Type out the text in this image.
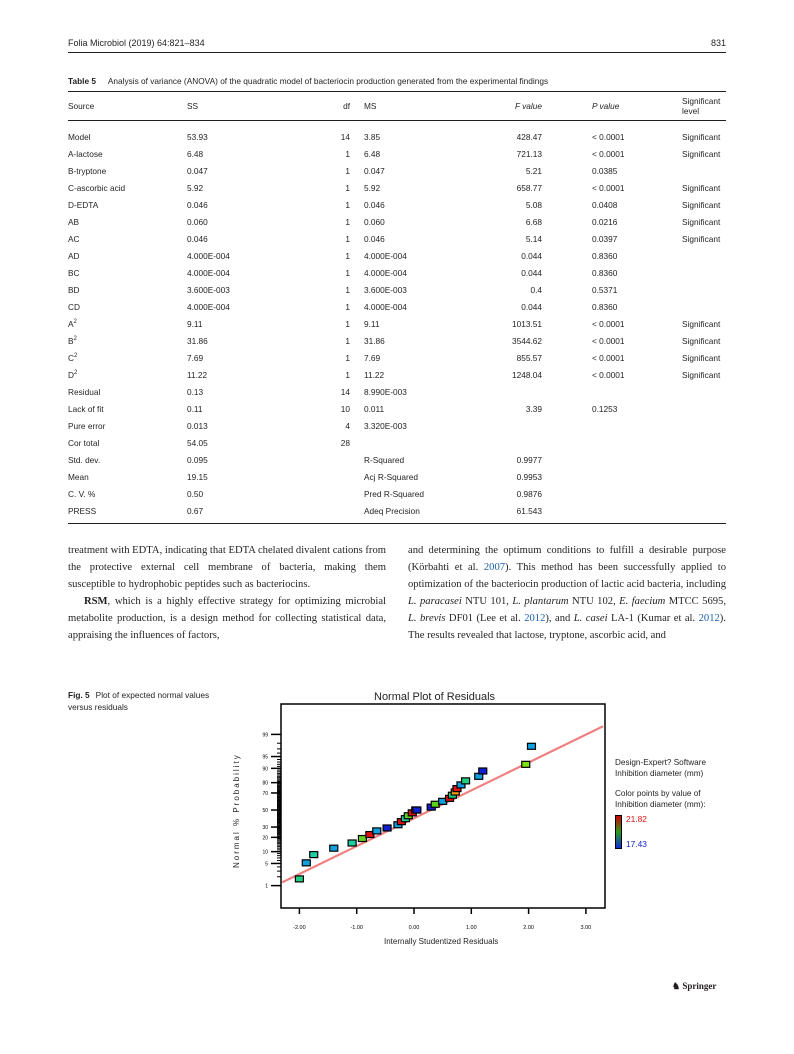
Folia Microbiol (2019) 64:821–834	831
Table 5 Analysis of variance (ANOVA) of the quadratic model of bacteriocin production generated from the experimental findings
Source	SS	df	MS	F value	P value	Significant level
Model	53.93	14	3.85	428.47	< 0.0001	Significant
A-lactose	6.48	1	6.48	721.13	< 0.0001	Significant
B-tryptone	0.047	1	0.047	5.21	0.0385	
C-ascorbic acid	5.92	1	5.92	658.77	< 0.0001	Significant
D-EDTA	0.046	1	0.046	5.08	0.0408	Significant
AB	0.060	1	0.060	6.68	0.0216	Significant
AC	0.046	1	0.046	5.14	0.0397	Significant
AD	4.000E-004	1	4.000E-004	0.044	0.8360	
BC	4.000E-004	1	4.000E-004	0.044	0.8360	
BD	3.600E-003	1	3.600E-003	0.4	0.5371	
CD	4.000E-004	1	4.000E-004	0.044	0.8360	
$A^2$	9.11	1	9.11	1013.51	< 0.0001	Significant
$B^2$	31.86	1	31.86	3544.62	< 0.0001	Significant
$C^2$	7.69	1	7.69	855.57	< 0.0001	Significant
$D^2$	11.22	1	11.22	1248.04	< 0.0001	Significant
Residual	0.13	14	8.990E-003			
Lack of fit	0.11	10	0.011	3.39	0.1253	
Pure error	0.013	4	3.320E-003			
Cor total	54.05	28				
Std. dev.	0.095		R-Squared	0.9977		
Mean	19.15		Acj R-Squared	0.9953		
C. V. %	0.50		Pred R-Squared	0.9876		
PRESS	0.67		Adeq Precision	61.543		

treatment with EDTA, indicating that EDTA chelated divalent cations from the protective external cell membrane of bacteria, making them susceptible to hydrophobic peptides such as bacteriocins.

RSM, which is a highly effective strategy for optimizing microbial metabolite production, is a design method for collecting statistical data, appraising the influences of factors,

and determining the optimum conditions to fulfill a desirable purpose (Körbahti et al. 2007). This method has been successfully applied to optimization of the bacteriocin production of lactic acid bacteria, including L. paracasei NTU 101, L. plantarum NTU 102, E. faecium MTCC 5695, L. brevis DF01 (Lee et al. 2012), and L. casei LA-1 (Kumar et al. 2012). The results revealed that lactose, tryptone, ascorbic acid, and

Fig. 5 Plot of expected normal values versus residuals
Normal Plot of Residuals
1
5
10
20
30
50
70
80
90
95
99
-2.00	-1.00	0.00	1.00	2.00	3.00
Normal % Probability
Internally Studentized Residuals
Design-Expert? Software
Inhibition diameter (mm)
Color points by value of
Inhibition diameter (mm):
21.82
17.43
♞ Springer
